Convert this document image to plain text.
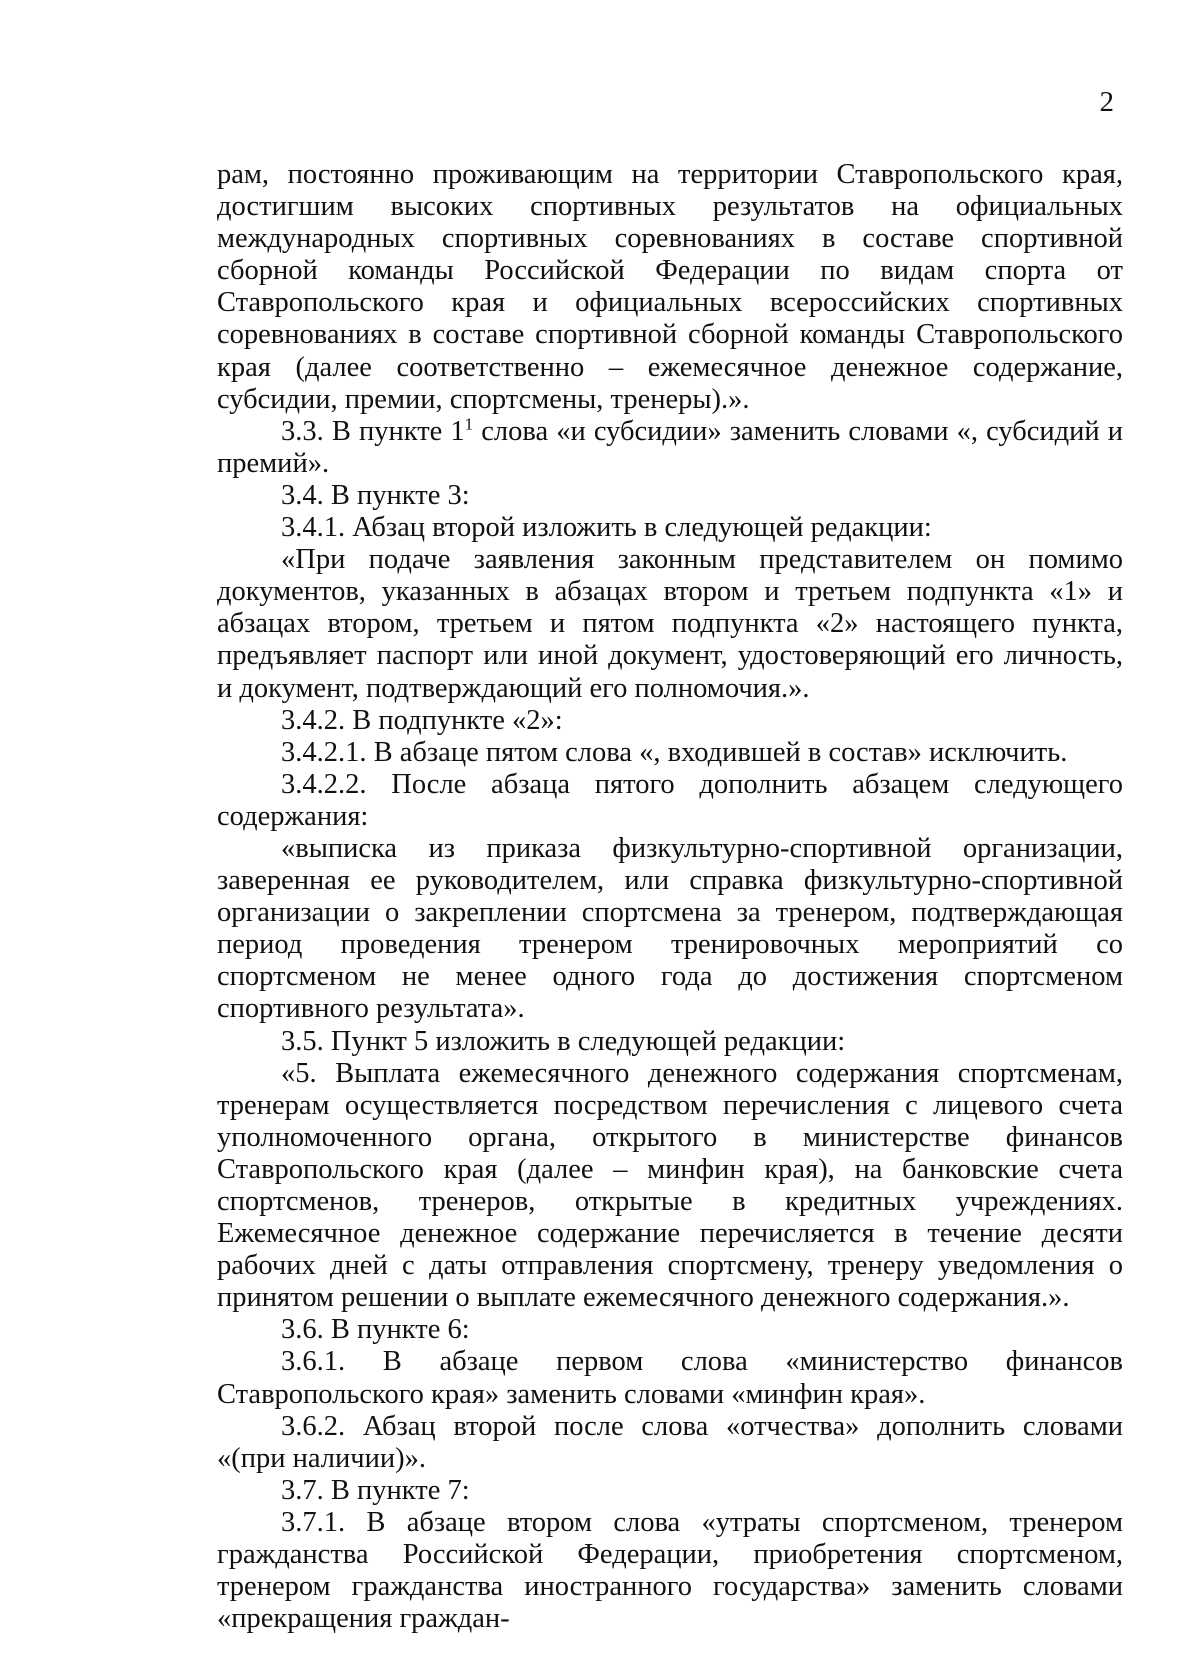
2

рам, постоянно проживающим на территории Ставропольского края, достигшим высоких спортивных результатов на официальных международных спортивных соревнованиях в составе спортивной сборной команды Российской Федерации по видам спорта от Ставропольского края и официальных всероссийских спортивных соревнованиях в составе спортивной сборной команды Ставропольского края (далее соответственно – ежемесячное денежное содержание, субсидии, премии, спортсмены, тренеры).».

3.3. В пункте $1^1$ слова «и субсидии» заменить словами «, субсидий и премий».

3.4. В пункте 3:

3.4.1. Абзац второй изложить в следующей редакции:

«При подаче заявления законным представителем он помимо документов, указанных в абзацах втором и третьем подпункта «1» и абзацах втором, третьем и пятом подпункта «2» настоящего пункта, предъявляет паспорт или иной документ, удостоверяющий его личность, и документ, подтверждающий его полномочия.».

3.4.2. В подпункте «2»:

3.4.2.1. В абзаце пятом слова «, входившей в состав» исключить.

3.4.2.2. После абзаца пятого дополнить абзацем следующего содержания:

«выписка из приказа физкультурно-спортивной организации, заверенная ее руководителем, или справка физкультурно-спортивной организации о закреплении спортсмена за тренером, подтверждающая период проведения тренером тренировочных мероприятий со спортсменом не менее одного года до достижения спортсменом спортивного результата».

3.5. Пункт 5 изложить в следующей редакции:

«5. Выплата ежемесячного денежного содержания спортсменам, тренерам осуществляется посредством перечисления с лицевого счета уполномоченного органа, открытого в министерстве финансов Ставропольского края (далее – минфин края), на банковские счета спортсменов, тренеров, открытые в кредитных учреждениях. Ежемесячное денежное содержание перечисляется в течение десяти рабочих дней с даты отправления спортсмену, тренеру уведомления о принятом решении о выплате ежемесячного денежного содержания.».

3.6. В пункте 6:

3.6.1. В абзаце первом слова «министерство финансов Ставропольского края» заменить словами «минфин края».

3.6.2. Абзац второй после слова «отчества» дополнить словами «(при наличии)».

3.7. В пункте 7:

3.7.1. В абзаце втором слова «утраты спортсменом, тренером гражданства Российской Федерации, приобретения спортсменом, тренером гражданства иностранного государства» заменить словами «прекращения граждан-
